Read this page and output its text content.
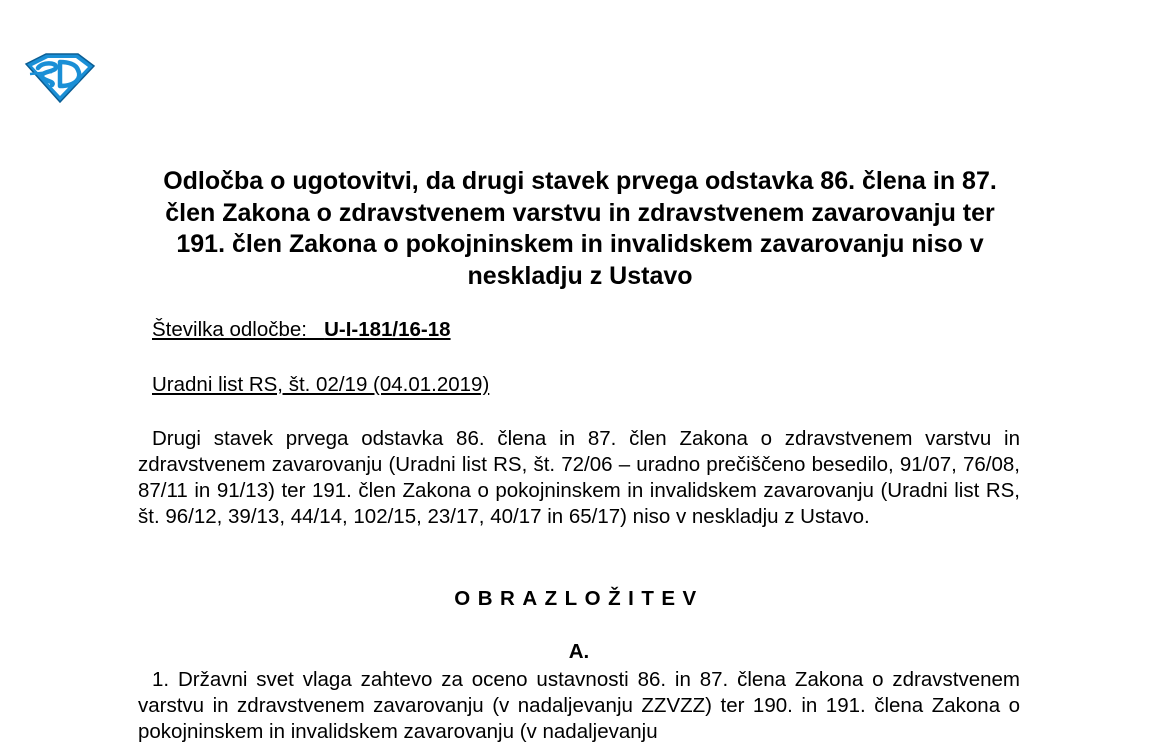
Odločba o ugotovitvi, da drugi stavek prvega odstavka 86. člena in 87. člen Zakona o zdravstvenem varstvu in zdravstvenem zavarovanju ter 191. člen Zakona o pokojninskem in invalidskem zavarovanju niso v neskladju z Ustavo
Številka odločbe: U-I-181/16-18
Uradni list RS, št. 02/19 (04.01.2019)

Drugi stavek prvega odstavka 86. člena in 87. člen Zakona o zdravstvenem varstvu in zdravstvenem zavarovanju (Uradni list RS, št. 72/06 – uradno prečiščeno besedilo, 91/07, 76/08, 87/11 in 91/13) ter 191. člen Zakona o pokojninskem in invalidskem zavarovanju (Uradni list RS, št. 96/12, 39/13, 44/14, 102/15, 23/17, 40/17 in 65/17) niso v neskladju z Ustavo.

OBRAZLOŽITEV
A.

1. Državni svet vlaga zahtevo za oceno ustavnosti 86. in 87. člena Zakona o zdravstvenem varstvu in zdravstvenem zavarovanju (v nadaljevanju ZZVZZ) ter 190. in 191. člena Zakona o pokojninskem in invalidskem zavarovanju (v nadaljevanju
